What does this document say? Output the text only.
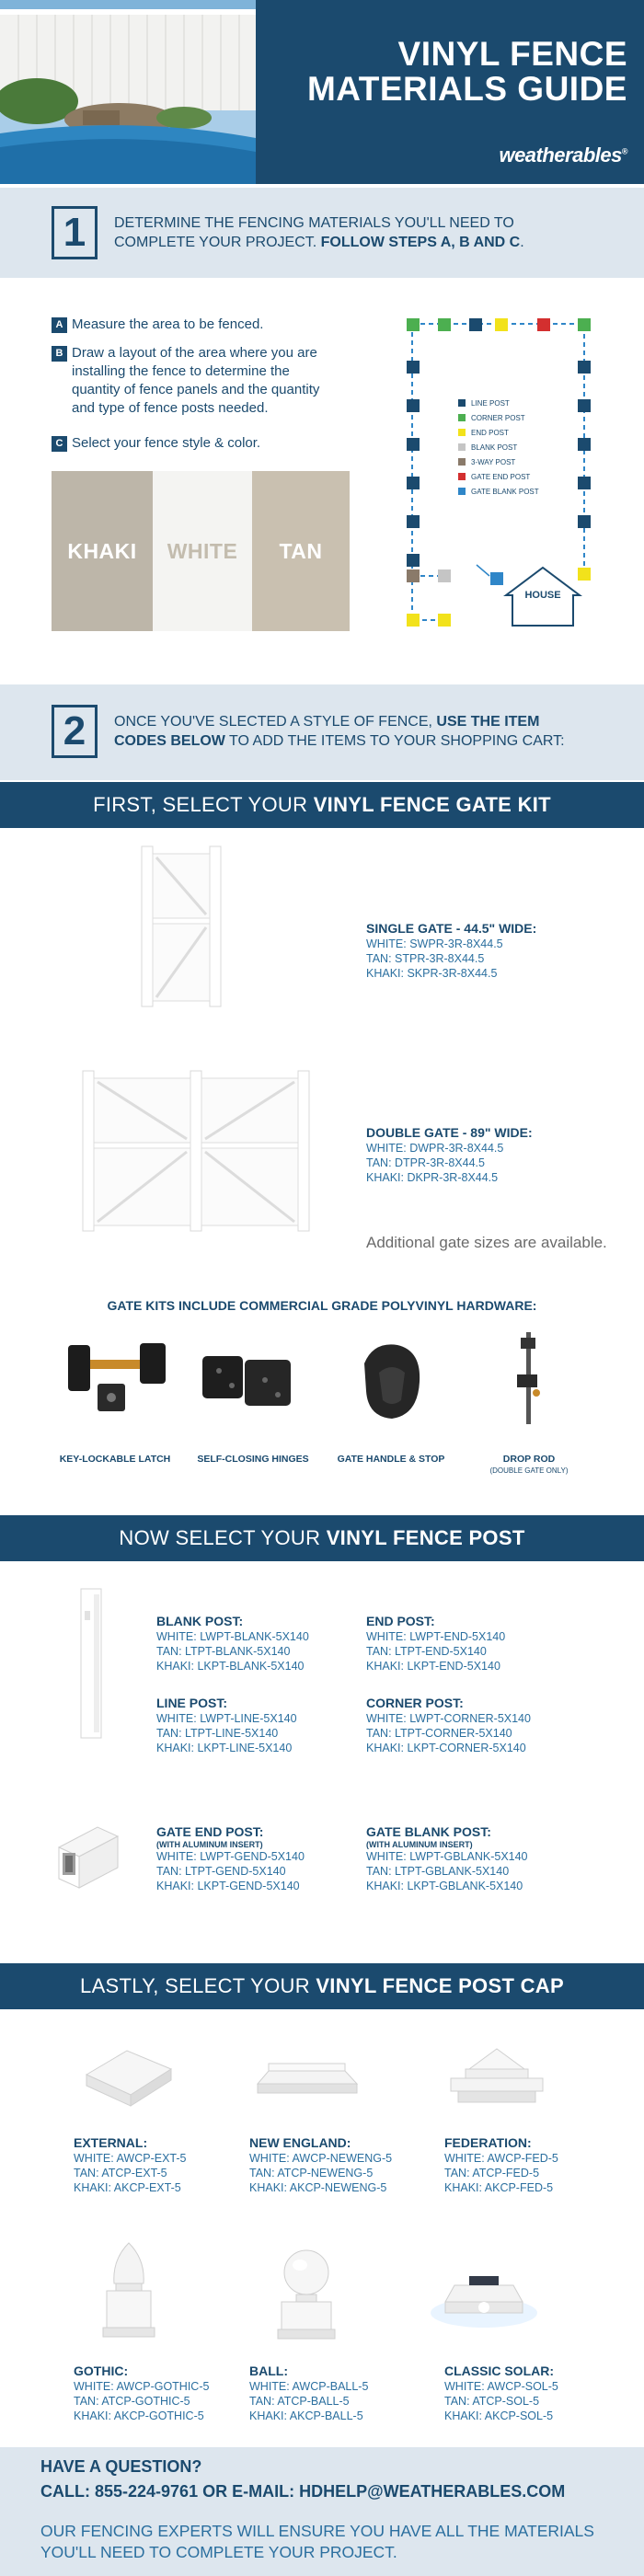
VINYL FENCE
MATERIALS GUIDE
weatherables®
1	DETERMINE THE FENCING MATERIALS YOU'LL NEED TO
COMPLETE YOUR PROJECT. FOLLOW STEPS A, B AND C.
A Measure the area to be fenced.
B Draw a layout of the area where you are
installing the fence to determine the
quantity of fence panels and the quantity
and type of fence posts needed.
C Select your fence style & color.
KHAKI WHITE TAN
HOUSE
LINE POST
CORNER POST
END POST
BLANK POST
3-WAY POST
GATE END POST
GATE BLANK POST
2	ONCE YOU'VE SLECTED A STYLE OF FENCE, USE THE ITEM
CODES BELOW TO ADD THE ITEMS TO YOUR SHOPPING CART:
FIRST, SELECT YOUR VINYL FENCE GATE KIT
SINGLE GATE - 44.5" WIDE:
WHITE: SWPR-3R-8X44.5
TAN: STPR-3R-8X44.5
KHAKI: SKPR-3R-8X44.5
DOUBLE GATE - 89" WIDE:
WHITE: DWPR-3R-8X44.5
TAN: DTPR-3R-8X44.5
KHAKI: DKPR-3R-8X44.5
Additional gate sizes are available.
GATE KITS INCLUDE COMMERCIAL GRADE POLYVINYL HARDWARE:
KEY-LOCKABLE LATCH	SELF-CLOSING HINGES	GATE HANDLE & STOP	DROP ROD
(DOUBLE GATE ONLY)
NOW SELECT YOUR VINYL FENCE POST
BLANK POST:
WHITE: LWPT-BLANK-5X140
TAN: LTPT-BLANK-5X140
KHAKI: LKPT-BLANK-5X140
END POST:
WHITE: LWPT-END-5X140
TAN: LTPT-END-5X140
KHAKI: LKPT-END-5X140
LINE POST:
WHITE: LWPT-LINE-5X140
TAN: LTPT-LINE-5X140
KHAKI: LKPT-LINE-5X140
CORNER POST:
WHITE: LWPT-CORNER-5X140
TAN: LTPT-CORNER-5X140
KHAKI: LKPT-CORNER-5X140
GATE END POST:
(WITH ALUMINUM INSERT)
WHITE: LWPT-GEND-5X140
TAN: LTPT-GEND-5X140
KHAKI: LKPT-GEND-5X140
GATE BLANK POST:
(WITH ALUMINUM INSERT)
WHITE: LWPT-GBLANK-5X140
TAN: LTPT-GBLANK-5X140
KHAKI: LKPT-GBLANK-5X140
LASTLY, SELECT YOUR VINYL FENCE POST CAP
EXTERNAL:
WHITE: AWCP-EXT-5
TAN: ATCP-EXT-5
KHAKI: AKCP-EXT-5
NEW ENGLAND:
WHITE: AWCP-NEWENG-5
TAN: ATCP-NEWENG-5
KHAKI: AKCP-NEWENG-5
FEDERATION:
WHITE: AWCP-FED-5
TAN: ATCP-FED-5
KHAKI: AKCP-FED-5
GOTHIC:
WHITE: AWCP-GOTHIC-5
TAN: ATCP-GOTHIC-5
KHAKI: AKCP-GOTHIC-5
BALL:
WHITE: AWCP-BALL-5
TAN: ATCP-BALL-5
KHAKI: AKCP-BALL-5
CLASSIC SOLAR:
WHITE: AWCP-SOL-5
TAN: ATCP-SOL-5
KHAKI: AKCP-SOL-5
HAVE A QUESTION?
CALL: 855-224-9761 OR E-MAIL: HDHELP@WEATHERABLES.COM
OUR FENCING EXPERTS WILL ENSURE YOU HAVE ALL THE MATERIALS
YOU'LL NEED TO COMPLETE YOUR PROJECT.
